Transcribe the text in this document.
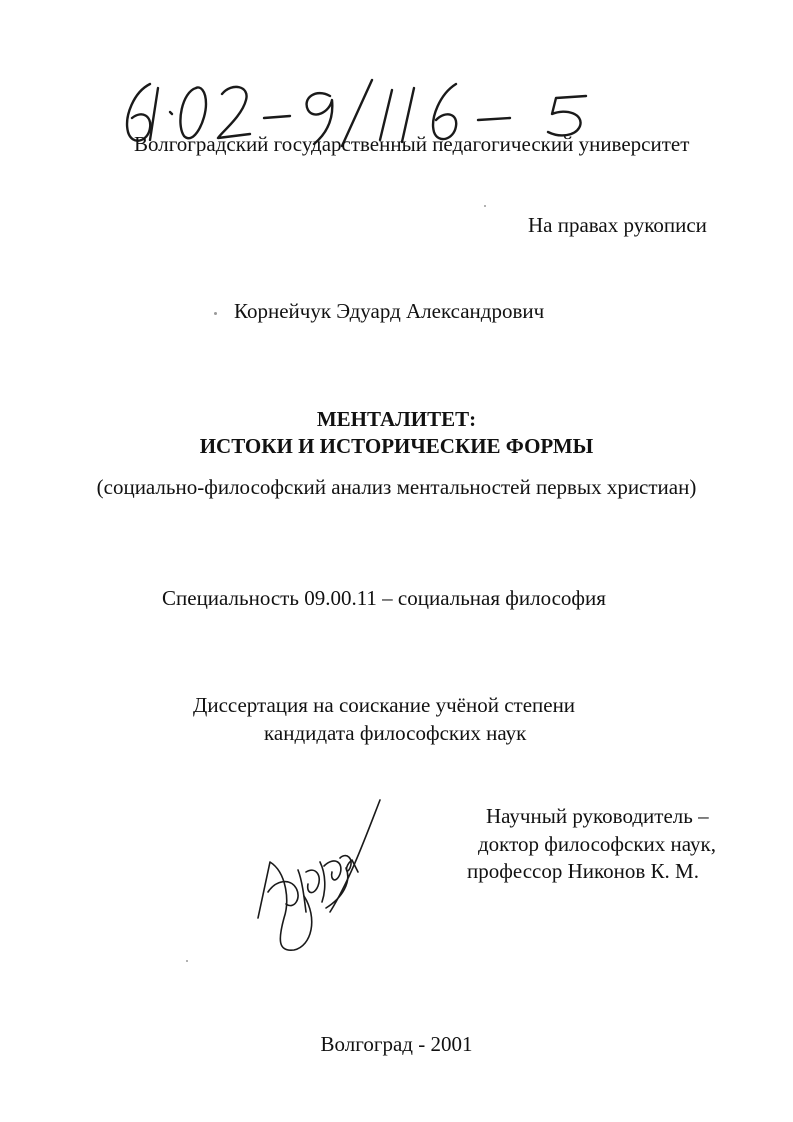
Волгоградский государственный педагогический университет
На правах рукописи
Корнейчук Эдуард Александрович
МЕНТАЛИТЕТ:
ИСТОКИ И ИСТОРИЧЕСКИЕ ФОРМЫ
(социально-философский анализ ментальностей первых христиан)
Специальность 09.00.11 – социальная философия
Диссертация на соискание учёной степени
кандидата философских наук
Научный руководитель –
доктор философских наук,
профессор Никонов К. М.
Волгоград - 2001
